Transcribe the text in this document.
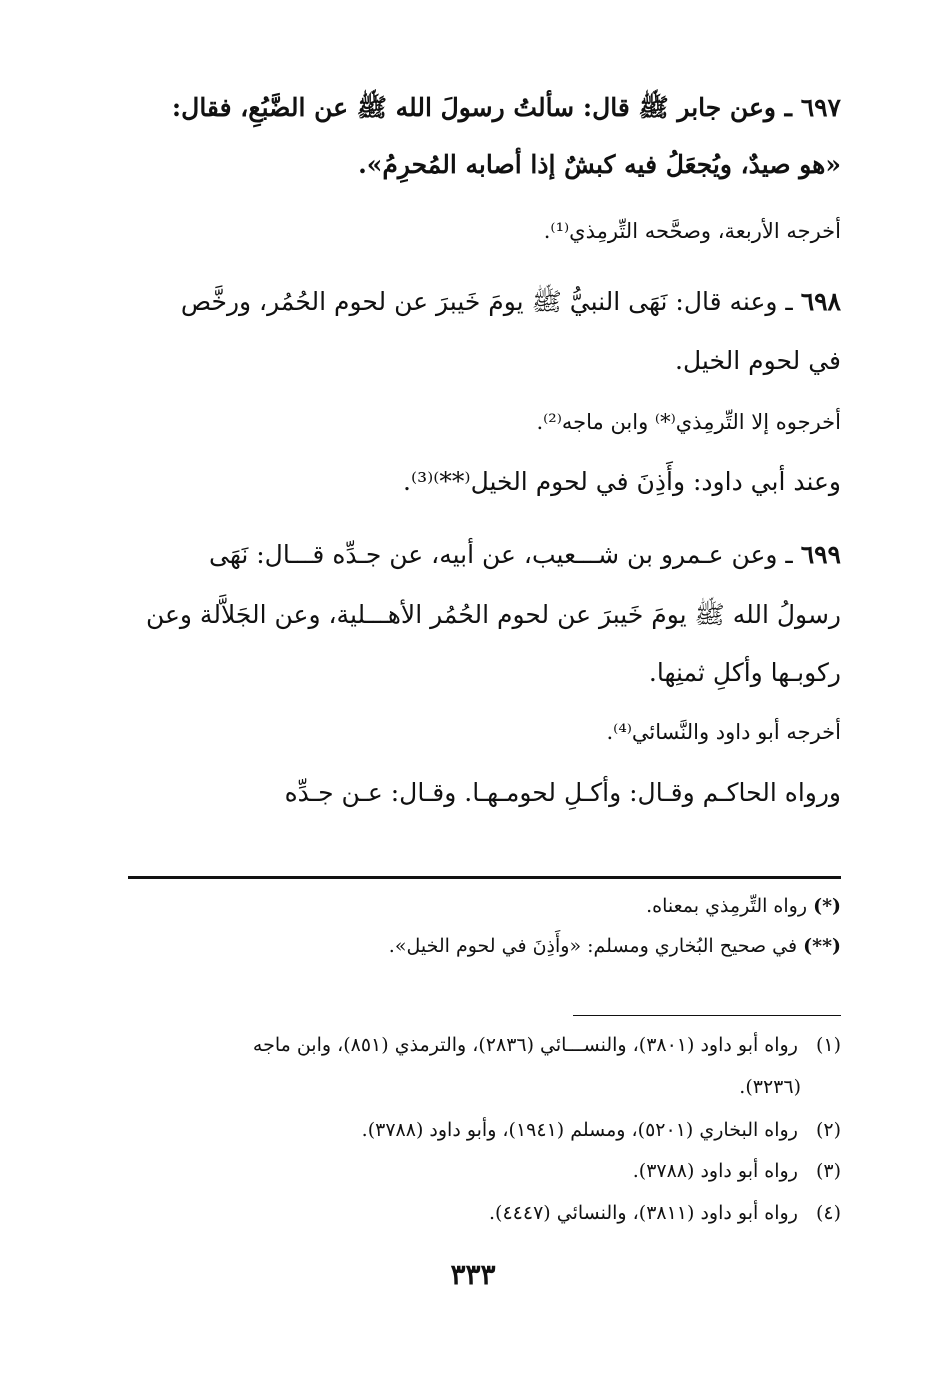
٦٩٧ ـ وعن جابر ﷺ قال: سألتُ رسولَ الله ﷺ عن الضَّبُعِ، فقال:
«هو صيدٌ، ويُجعَلُ فيه كبشٌ إذا أصابه المُحرِمُ».
أخرجه الأربعة، وصحَّحه التِّرمِذي⁽¹⁾.
٦٩٨ ـ وعنه قال: نَهَى النبيُّ ﷺ يومَ خَيبرَ عن لحوم الحُمُر، ورخَّص
في لحوم الخيل.
أخرجوه إلا التِّرمِذي⁽*⁾ وابن ماجه⁽²⁾.
وعند أبي داود: وأَذِنَ في لحوم الخيل⁽**⁾⁽³⁾.
٦٩٩ ـ وعن عـمرو بن شـــعيب، عن أبيه، عن جـدِّه قـــال: نَهَى
رسولُ الله ﷺ يومَ خَيبرَ عن لحوم الحُمُر الأهـــلية، وعن الجَلاَّلة وعن
ركوبـها وأكلِ ثمنِها.
أخرجه أبو داود والنَّسائي⁽⁴⁾.
ورواه الحاكـم وقـال: وأكـلِ لحومـهـا. وقـال: عـن جـدِّه
(*) رواه التِّرمِذي بمعناه.
(**) في صحيح البُخاري ومسلم: «وأَذِنَ في لحوم الخيل».
(١) رواه أبو داود (٣٨٠١)، والنســـائي (٢٨٣٦)، والترمذي (٨٥١)، وابن ماجه
(٣٢٣٦).
(٢) رواه البخاري (٥٢٠١)، ومسلم (١٩٤١)، وأبو داود (٣٧٨٨).
(٣) رواه أبو داود (٣٧٨٨).
(٤) رواه أبو داود (٣٨١١)، والنسائي (٤٤٤٧).
٣٣٣
